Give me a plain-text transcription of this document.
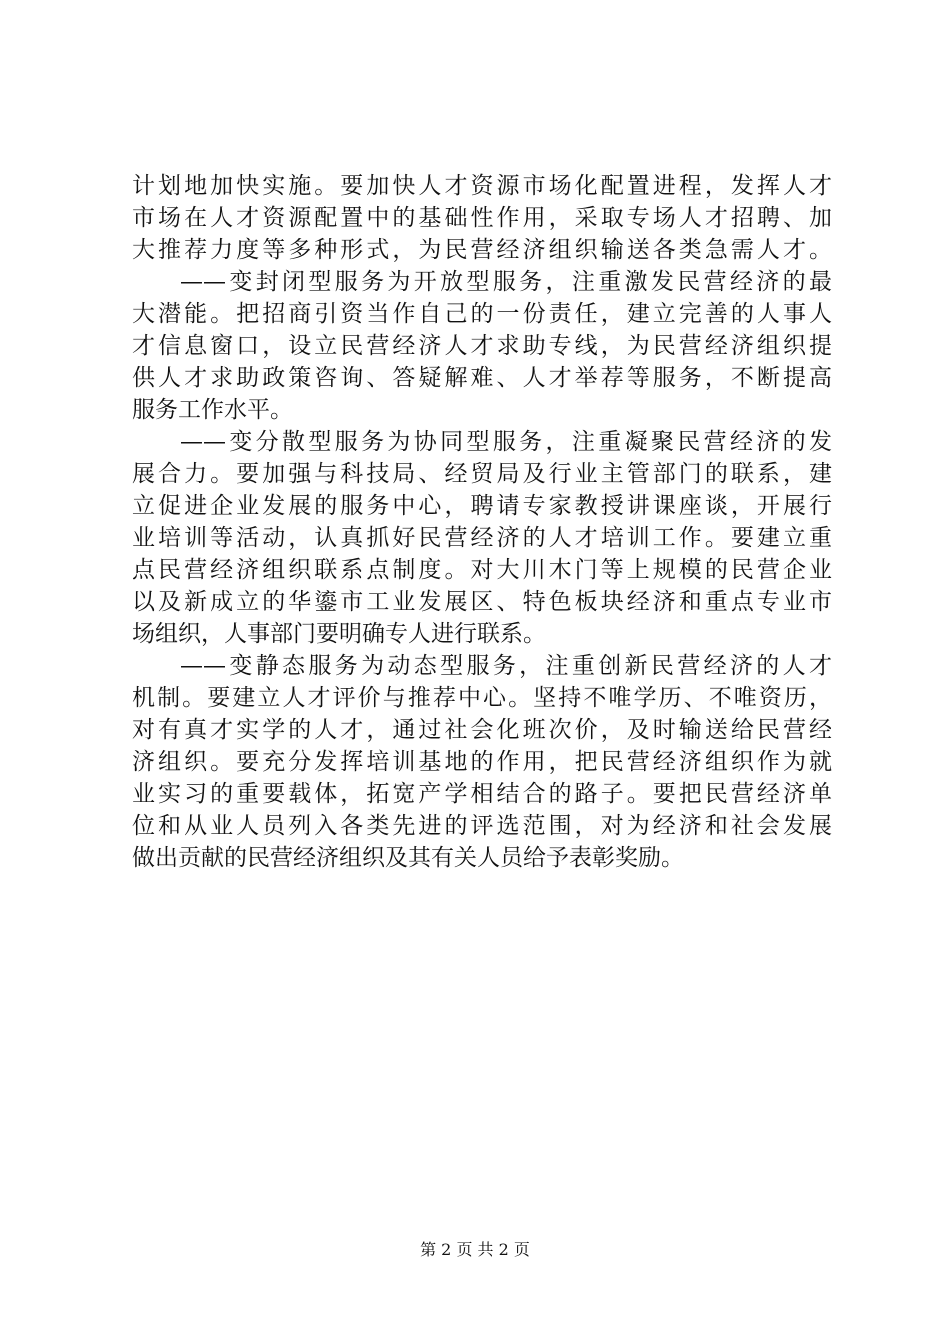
计划地加快实施。要加快人才资源市场化配置进程，发挥人才
市场在人才资源配置中的基础性作用，采取专场人才招聘、加
大推荐力度等多种形式，为民营经济组织输送各类急需人才。
——变封闭型服务为开放型服务，注重激发民营经济的最
大潜能。把招商引资当作自己的一份责任，建立完善的人事人
才信息窗口，设立民营经济人才求助专线，为民营经济组织提
供人才求助政策咨询、答疑解难、人才举荐等服务，不断提高
服务工作水平。
——变分散型服务为协同型服务，注重凝聚民营经济的发
展合力。要加强与科技局、经贸局及行业主管部门的联系，建
立促进企业发展的服务中心，聘请专家教授讲课座谈，开展行
业培训等活动，认真抓好民营经济的人才培训工作。要建立重
点民营经济组织联系点制度。对大川木门等上规模的民营企业
以及新成立的华鎏市工业发展区、特色板块经济和重点专业市
场组织，人事部门要明确专人进行联系。
——变静态服务为动态型服务，注重创新民营经济的人才
机制。要建立人才评价与推荐中心。坚持不唯学历、不唯资历，
对有真才实学的人才，通过社会化班次价，及时输送给民营经
济组织。要充分发挥培训基地的作用，把民营经济组织作为就
业实习的重要载体，拓宽产学相结合的路子。要把民营经济单
位和从业人员列入各类先进的评选范围，对为经济和社会发展
做出贡献的民营经济组织及其有关人员给予表彰奖励。
第 2 页 共 2 页
